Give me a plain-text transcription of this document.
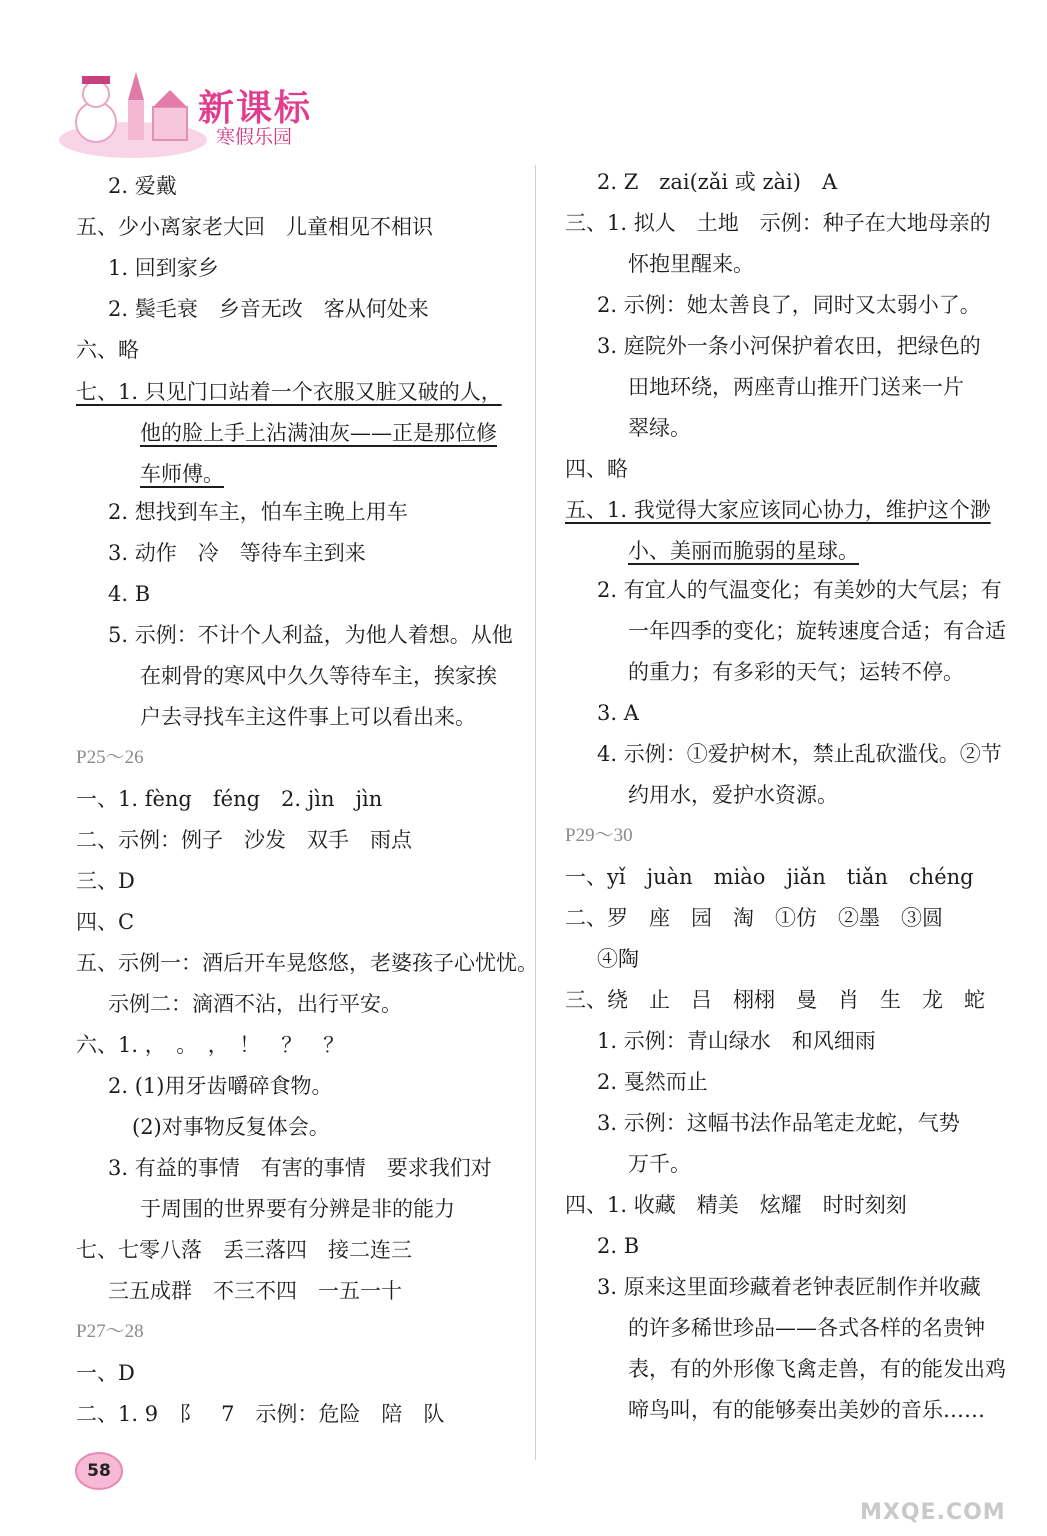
新课标
寒假乐园
2. 爱戴
五、少小离家老大回　儿童相见不相识
1. 回到家乡
2. 鬓毛衰　乡音无改　客从何处来
六、略
七、1. 只见门口站着一个衣服又脏又破的人，
他的脸上手上沾满油灰——正是那位修
车师傅。
2. 想找到车主，怕车主晚上用车
3. 动作　冷　等待车主到来
4. B
5. 示例：不计个人利益，为他人着想。从他
在刺骨的寒风中久久等待车主，挨家挨
户去寻找车主这件事上可以看出来。
P25～26
一、1. fèng　féng　2. jìn　jìn
二、示例：例子　沙发　双手　雨点
三、D
四、C
五、示例一：酒后开车晃悠悠，老婆孩子心忧忧。
示例二：滴酒不沾，出行平安。
六、1. ，　。　，　！　？　？
2. (1)用牙齿嚼碎食物。
(2)对事物反复体会。
3. 有益的事情　有害的事情　要求我们对
于周围的世界要有分辨是非的能力
七、七零八落　丢三落四　接二连三
三五成群　不三不四　一五一十
P27～28
一、D
二、1. 9　阝　7　示例：危险　陪　队
2. Z　zai(zǎi 或 zài)　A
三、1. 拟人　土地　示例：种子在大地母亲的
怀抱里醒来。
2. 示例：她太善良了，同时又太弱小了。
3. 庭院外一条小河保护着农田，把绿色的
田地环绕，两座青山推开门送来一片
翠绿。
四、略
五、1. 我觉得大家应该同心协力，维护这个渺
小、美丽而脆弱的星球。
2. 有宜人的气温变化；有美妙的大气层；有
一年四季的变化；旋转速度合适；有合适
的重力；有多彩的天气；运转不停。
3. A
4. 示例：①爱护树木，禁止乱砍滥伐。②节
约用水，爱护水资源。
P29～30
一、yǐ　juàn　miào　jiǎn　tiǎn　chéng
二、罗　座　园　淘　①仿　②墨　③圆
④陶
三、绕　止　吕　栩栩　曼　肖　生　龙　蛇
1. 示例：青山绿水　和风细雨
2. 戛然而止
3. 示例：这幅书法作品笔走龙蛇，气势
万千。
四、1. 收藏　精美　炫耀　时时刻刻
2. B
3. 原来这里面珍藏着老钟表匠制作并收藏
的许多稀世珍品——各式各样的名贵钟
表，有的外形像飞禽走兽，有的能发出鸡
啼鸟叫，有的能够奏出美妙的音乐……
58
MXQE.COM
